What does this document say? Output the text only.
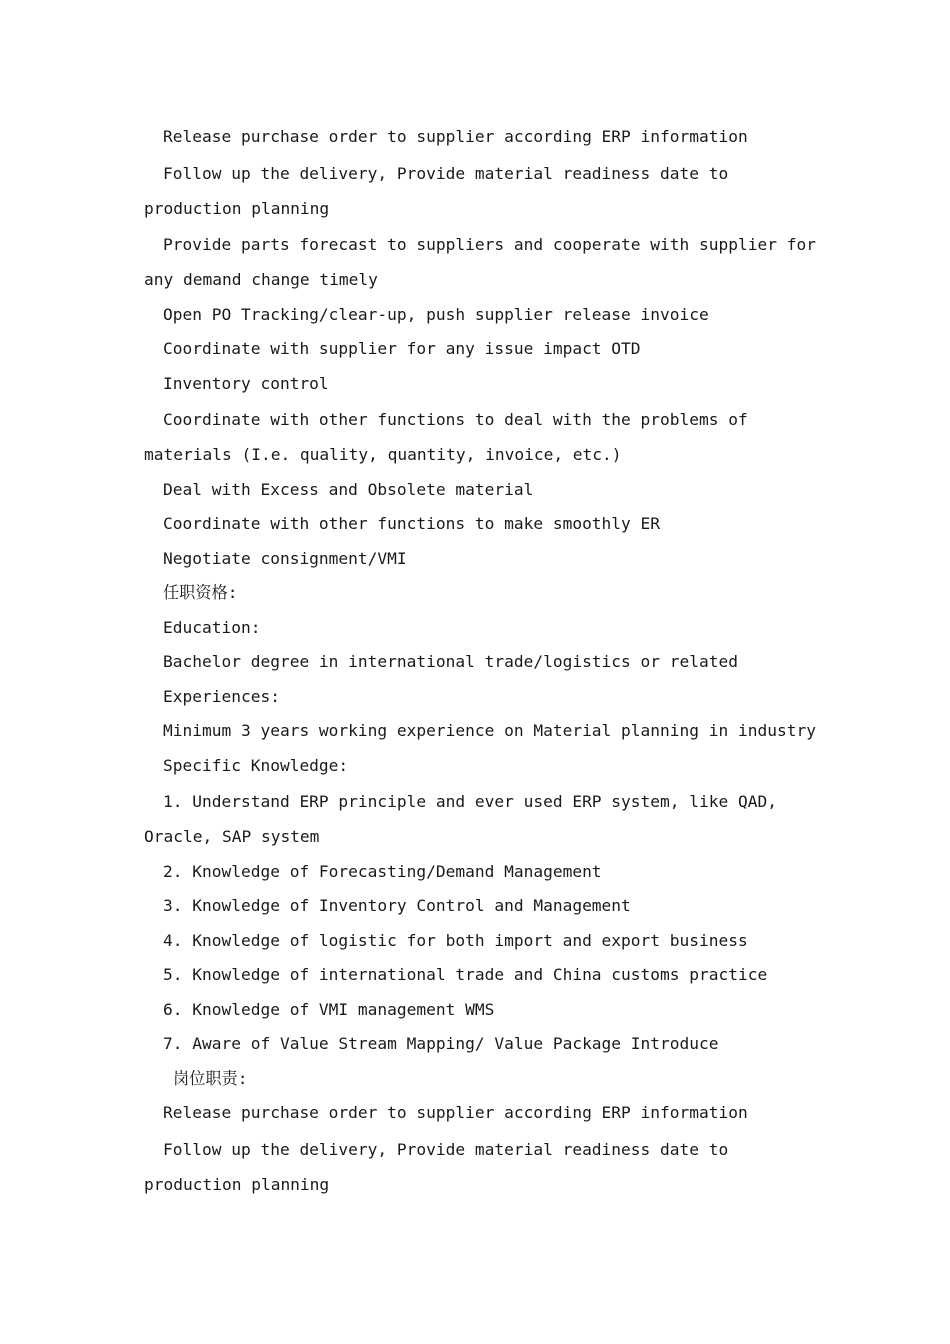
Release purchase order to supplier according ERP information
Follow up the delivery, Provide material readiness date to
production planning
Provide parts forecast to suppliers and cooperate with supplier for
any demand change timely
Open PO Tracking/clear-up, push supplier release invoice
Coordinate with supplier for any issue impact OTD
Inventory control
Coordinate with other functions to deal with the problems of
materials (I.e. quality, quantity, invoice, etc.)
Deal with Excess and Obsolete material
Coordinate with other functions to make smoothly ER
Negotiate consignment/VMI
任职资格:
Education:
Bachelor degree in international trade/logistics or related
Experiences:
Minimum 3 years working experience on Material planning in industry
Specific Knowledge:
1. Understand ERP principle and ever used ERP system, like QAD,
Oracle, SAP system
2. Knowledge of Forecasting/Demand Management
3. Knowledge of Inventory Control and Management
4. Knowledge of logistic for both import and export business
5. Knowledge of international trade and China customs practice
6. Knowledge of VMI management WMS
7. Aware of Value Stream Mapping/ Value Package Introduce
岗位职责:
Release purchase order to supplier according ERP information
Follow up the delivery, Provide material readiness date to
production planning
